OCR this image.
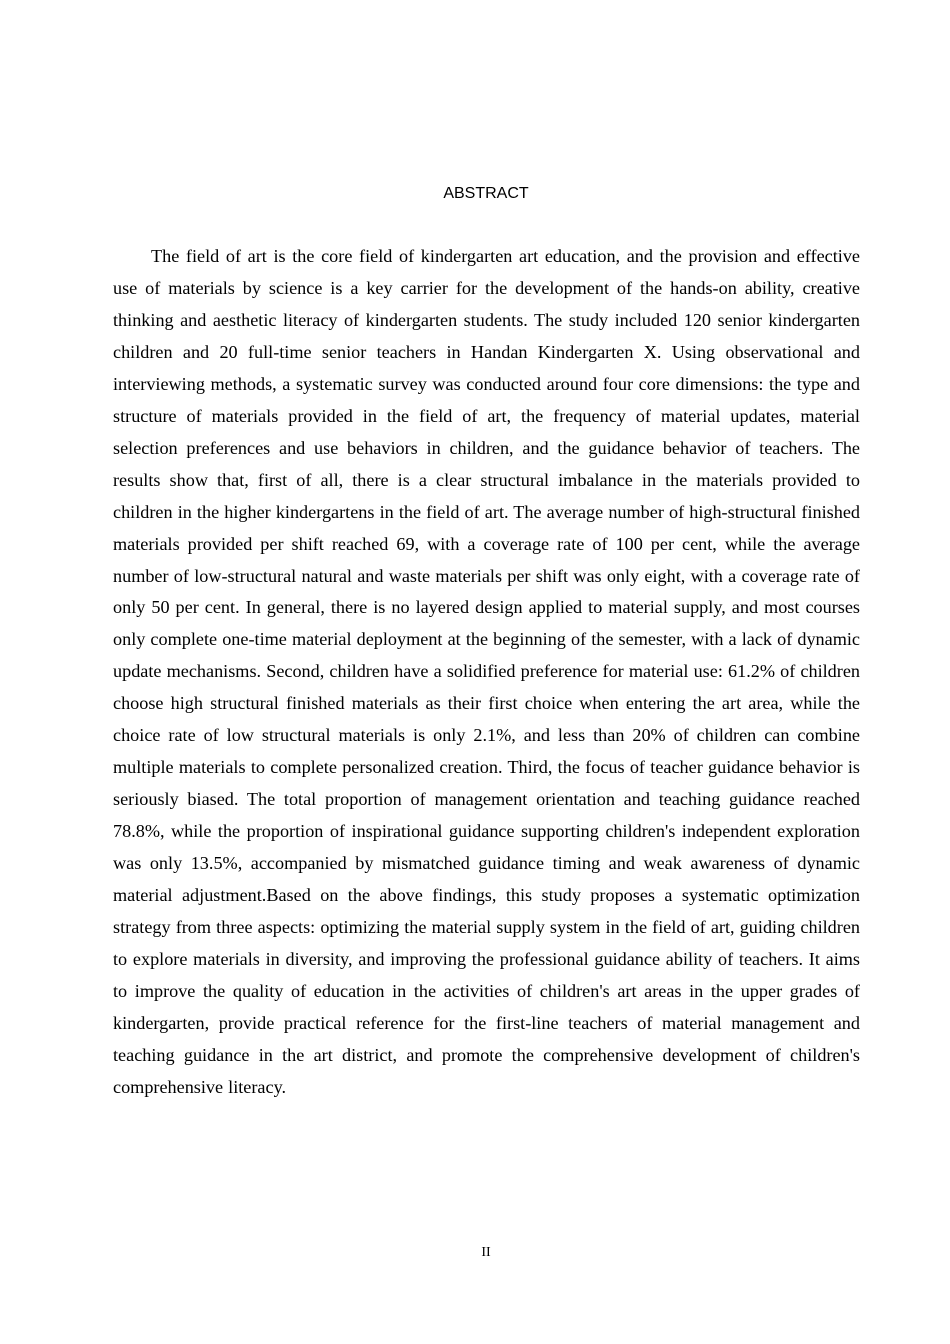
ABSTRACT

The field of art is the core field of kindergarten art education, and the provision and effective use of materials by science is a key carrier for the development of the hands-on ability, creative thinking and aesthetic literacy of kindergarten students. The study included 120 senior kindergarten children and 20 full-time senior teachers in Handan Kindergarten X. Using observational and interviewing methods, a systematic survey was conducted around four core dimensions: the type and structure of materials provided in the field of art, the frequency of material updates, material selection preferences and use behaviors in children, and the guidance behavior of teachers. The results show that, first of all, there is a clear structural imbalance in the materials provided to children in the higher kindergartens in the field of art. The average number of high-structural finished materials provided per shift reached 69, with a coverage rate of 100 per cent, while the average number of low-structural natural and waste materials per shift was only eight, with a coverage rate of only 50 per cent. In general, there is no layered design applied to material supply, and most courses only complete one-time material deployment at the beginning of the semester, with a lack of dynamic update mechanisms. Second, children have a solidified preference for material use: 61.2% of children choose high structural finished materials as their first choice when entering the art area, while the choice rate of low structural materials is only 2.1%, and less than 20% of children can combine multiple materials to complete personalized creation. Third, the focus of teacher guidance behavior is seriously biased. The total proportion of management orientation and teaching guidance reached 78.8%, while the proportion of inspirational guidance supporting children's independent exploration was only 13.5%, accompanied by mismatched guidance timing and weak awareness of dynamic material adjustment.Based on the above findings, this study proposes a systematic optimization strategy from three aspects: optimizing the material supply system in the field of art, guiding children to explore materials in diversity, and improving the professional guidance ability of teachers. It aims to improve the quality of education in the activities of children's art areas in the upper grades of kindergarten, provide practical reference for the first-line teachers of material management and teaching guidance in the art district, and promote the comprehensive development of children's comprehensive literacy.

II
